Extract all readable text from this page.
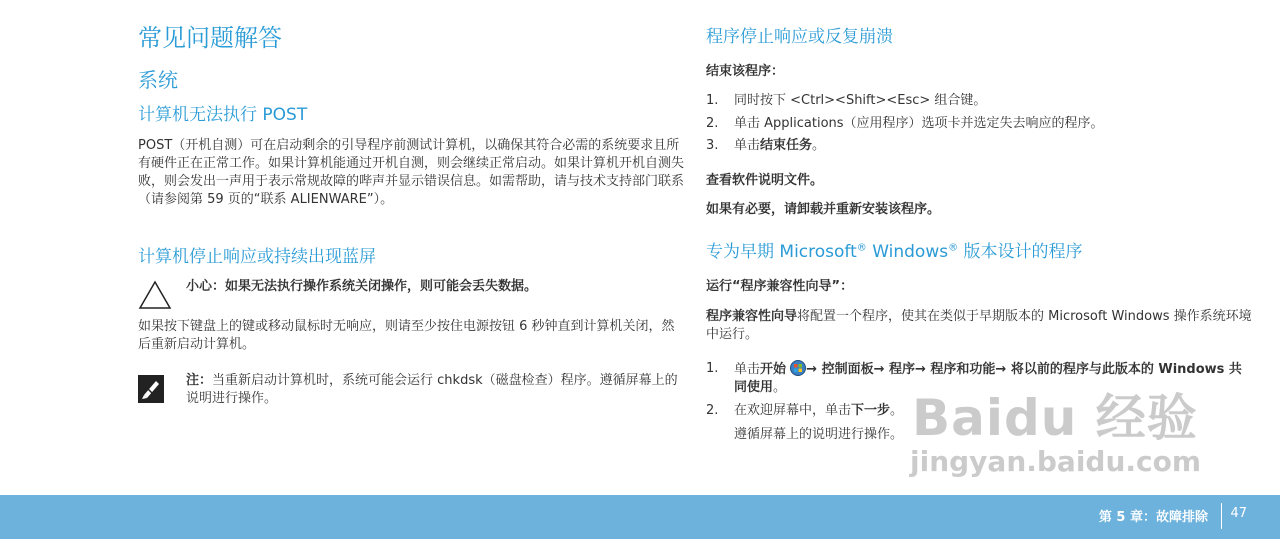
常见问题解答
系统
计算机无法执行 POST

POST（开机自测）可在启动剩余的引导程序前测试计算机，以确保其符合必需的系统要求且所有硬件正在正常工作。如果计算机能通过开机自测，则会继续正常启动。如果计算机开机自测失败，则会发出一声用于表示常规故障的哔声并显示错误信息。如需帮助，请与技术支持部门联系（请参阅第 59 页的“联系 ALIENWARE”）。

计算机停止响应或持续出现蓝屏
小心：如果无法执行操作系统关闭操作，则可能会丢失数据。

如果按下键盘上的键或移动鼠标时无响应，则请至少按住电源按钮 6 秒钟直到计算机关闭，然后重新启动计算机。

注：当重新启动计算机时，系统可能会运行 chkdsk（磁盘检查）程序。遵循屏幕上的说明进行操作。
程序停止响应或反复崩溃
结束该程序：
1. 同时按下 <Ctrl><Shift><Esc> 组合键。
2. 单击 Applications（应用程序）选项卡并选定失去响应的程序。
3. 单击结束任务。
查看软件说明文件。
如果有必要，请卸载并重新安装该程序。
专为早期 Microsoft® Windows® 版本设计的程序
运行“程序兼容性向导”：

程序兼容性向导将配置一个程序，使其在类似于早期版本的 Microsoft Windows 操作系统环境中运行。

1. 单击开始 → 控制面板→ 程序→ 程序和功能→ 将以前的程序与此版本的 Windows 共同使用。
2. 在欢迎屏幕中，单击下一步。
遵循屏幕上的说明进行操作。 Baidu 经验
jingyan.baidu.com
第 5 章：故障排除 47
